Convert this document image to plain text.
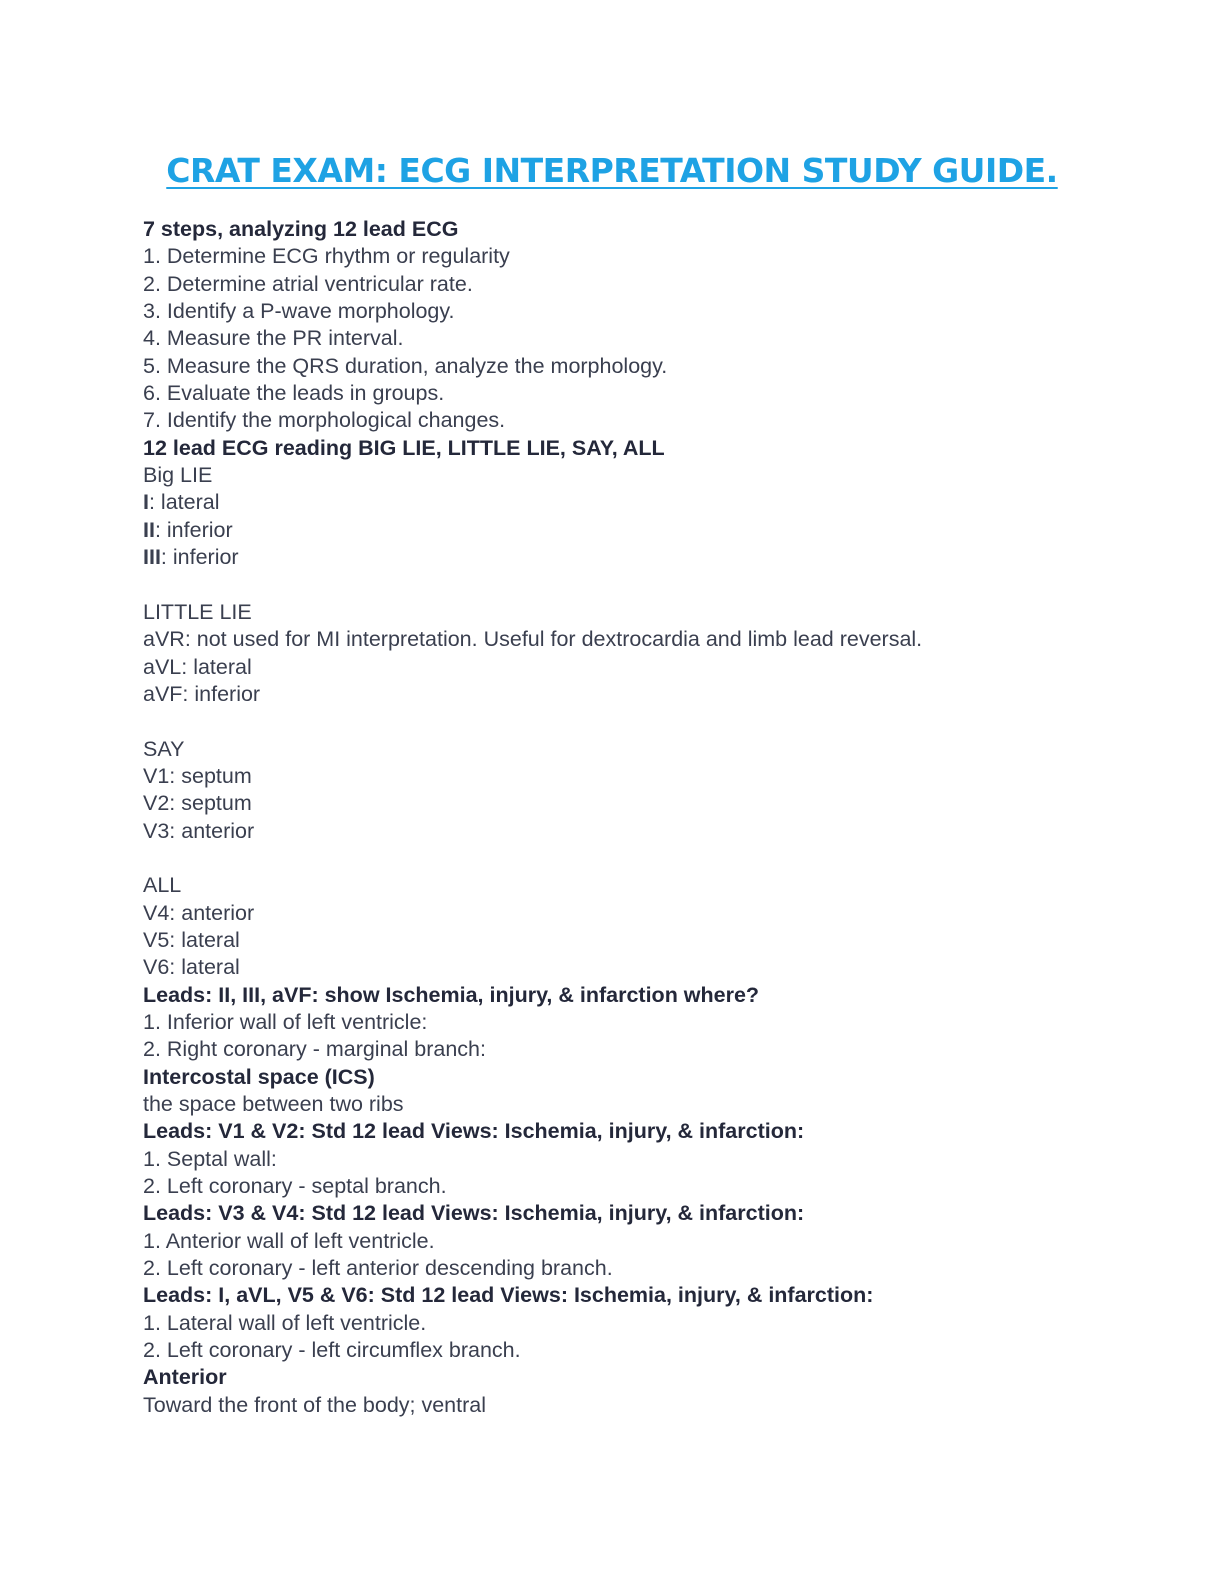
CRAT EXAM: ECG INTERPRETATION STUDY GUIDE.

7 steps, analyzing 12 lead ECG

1. Determine ECG rhythm or regularity

2. Determine atrial ventricular rate.

3. Identify a P-wave morphology.

4. Measure the PR interval.

5. Measure the QRS duration, analyze the morphology.

6. Evaluate the leads in groups.

7. Identify the morphological changes.

12 lead ECG reading BIG LIE, LITTLE LIE, SAY, ALL

Big LIE

I: lateral

II: inferior

III: inferior

LITTLE LIE

aVR: not used for MI interpretation. Useful for dextrocardia and limb lead reversal.

aVL: lateral

aVF: inferior

SAY

V1: septum

V2: septum

V3: anterior

ALL

V4: anterior

V5: lateral

V6: lateral

Leads: II, III, aVF: show Ischemia, injury, & infarction where?

1. Inferior wall of left ventricle:

2. Right coronary - marginal branch:

Intercostal space (ICS)

the space between two ribs

Leads: V1 & V2: Std 12 lead Views: Ischemia, injury, & infarction:

1. Septal wall:

2. Left coronary - septal branch.

Leads: V3 & V4: Std 12 lead Views: Ischemia, injury, & infarction:

1. Anterior wall of left ventricle.

2. Left coronary - left anterior descending branch.

Leads: I, aVL, V5 & V6: Std 12 lead Views: Ischemia, injury, & infarction:

1. Lateral wall of left ventricle.

2. Left coronary - left circumflex branch.

Anterior

Toward the front of the body; ventral
